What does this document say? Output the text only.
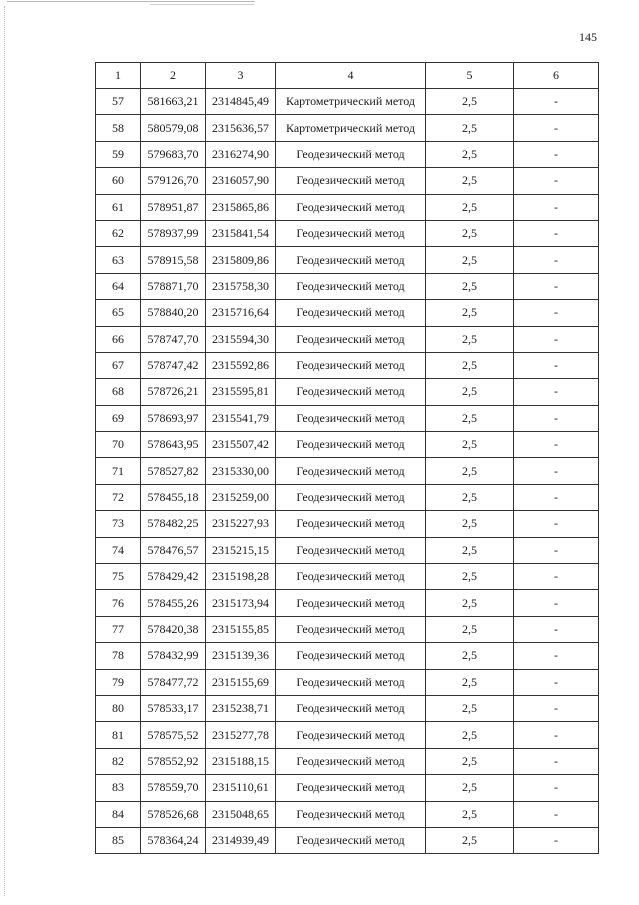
145
1	2	3	4	5	6
57	581663,21	2314845,49	Картометрический метод	2,5	-
58	580579,08	2315636,57	Картометрический метод	2,5	-
59	579683,70	2316274,90	Геодезический метод	2,5	-
60	579126,70	2316057,90	Геодезический метод	2,5	-
61	578951,87	2315865,86	Геодезический метод	2,5	-
62	578937,99	2315841,54	Геодезический метод	2,5	-
63	578915,58	2315809,86	Геодезический метод	2,5	-
64	578871,70	2315758,30	Геодезический метод	2,5	-
65	578840,20	2315716,64	Геодезический метод	2,5	-
66	578747,70	2315594,30	Геодезический метод	2,5	-
67	578747,42	2315592,86	Геодезический метод	2,5	-
68	578726,21	2315595,81	Геодезический метод	2,5	-
69	578693,97	2315541,79	Геодезический метод	2,5	-
70	578643,95	2315507,42	Геодезический метод	2,5	-
71	578527,82	2315330,00	Геодезический метод	2,5	-
72	578455,18	2315259,00	Геодезический метод	2,5	-
73	578482,25	2315227,93	Геодезический метод	2,5	-
74	578476,57	2315215,15	Геодезический метод	2,5	-
75	578429,42	2315198,28	Геодезический метод	2,5	-
76	578455,26	2315173,94	Геодезический метод	2,5	-
77	578420,38	2315155,85	Геодезический метод	2,5	-
78	578432,99	2315139,36	Геодезический метод	2,5	-
79	578477,72	2315155,69	Геодезический метод	2,5	-
80	578533,17	2315238,71	Геодезический метод	2,5	-
81	578575,52	2315277,78	Геодезический метод	2,5	-
82	578552,92	2315188,15	Геодезический метод	2,5	-
83	578559,70	2315110,61	Геодезический метод	2,5	-
84	578526,68	2315048,65	Геодезический метод	2,5	-
85	578364,24	2314939,49	Геодезический метод	2,5	-
